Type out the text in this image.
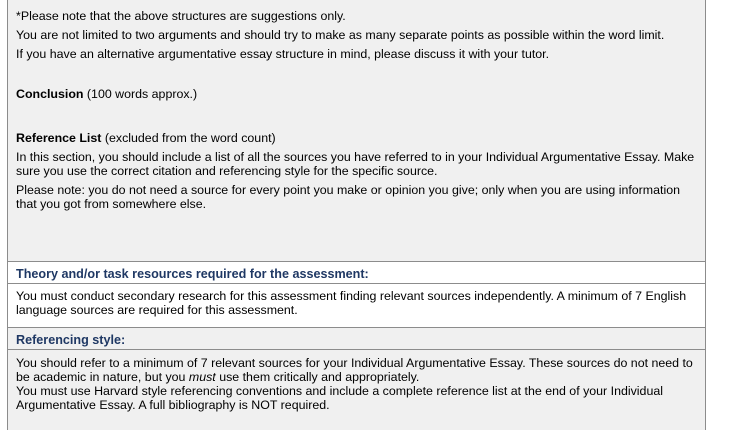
*Please note that the above structures are suggestions only.

You are not limited to two arguments and should try to make as many separate points as possible within the word limit.

If you have an alternative argumentative essay structure in mind, please discuss it with your tutor.

Conclusion (100 words approx.)

Reference List (excluded from the word count)

In this section, you should include a list of all the sources you have referred to in your Individual Argumentative Essay. Make sure you use the correct citation and referencing style for the specific source.

Please note: you do not need a source for every point you make or opinion you give; only when you are using information that you got from somewhere else.

Theory and/or task resources required for the assessment:

You must conduct secondary research for this assessment finding relevant sources independently. A minimum of 7 English language sources are required for this assessment.

Referencing style:

You should refer to a minimum of 7 relevant sources for your Individual Argumentative Essay. These sources do not need to be academic in nature, but you must use them critically and appropriately.

You must use Harvard style referencing conventions and include a complete reference list at the end of your Individual Argumentative Essay. A full bibliography is NOT required.
